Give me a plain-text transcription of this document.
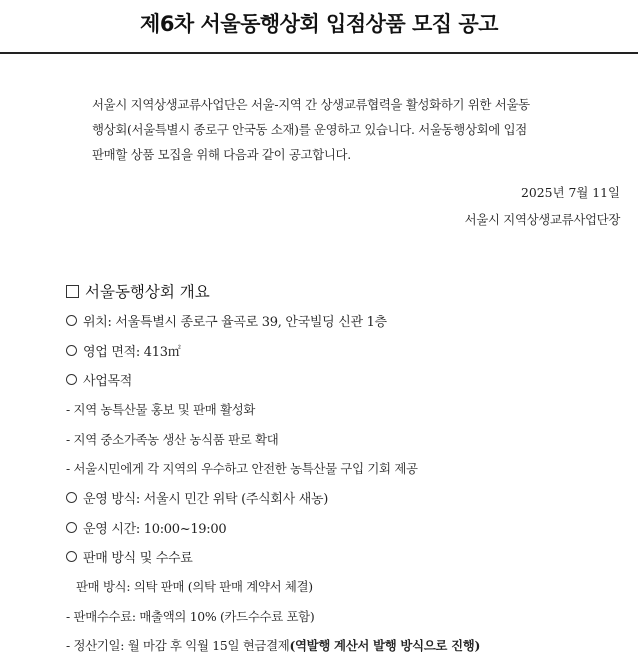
제6차 서울동행상회 입점상품 모집 공고

서울시 지역상생교류사업단은 서울-지역 간 상생교류협력을 활성화하기 위한 서울동

행상회(서울특별시 종로구 안국동 소재)를 운영하고 있습니다. 서울동행상회에 입점

판매할 상품 모집을 위해 다음과 같이 공고합니다.

2025년 7월 11일
서울시 지역상생교류사업단장
서울동행상회 개요
위치: 서울특별시 종로구 율곡로 39, 안국빌딩 신관 1층
영업 면적: 413㎡
사업목적
- 지역 농특산물 홍보 및 판매 활성화
- 지역 중소가족농 생산 농식품 판로 확대
- 서울시민에게 각 지역의 우수하고 안전한 농특산물 구입 기회 제공
운영 방식: 서울시 민간 위탁 (주식회사 새농)
운영 시간: 10:00~19:00
판매 방식 및 수수료
판매 방식: 의탁 판매 (의탁 판매 계약서 체결)
- 판매수수료: 매출액의 10% (카드수수료 포함)
- 정산기일: 월 마감 후 익월 15일 현금결제 (역발행 계산서 발행 방식으로 진행)
